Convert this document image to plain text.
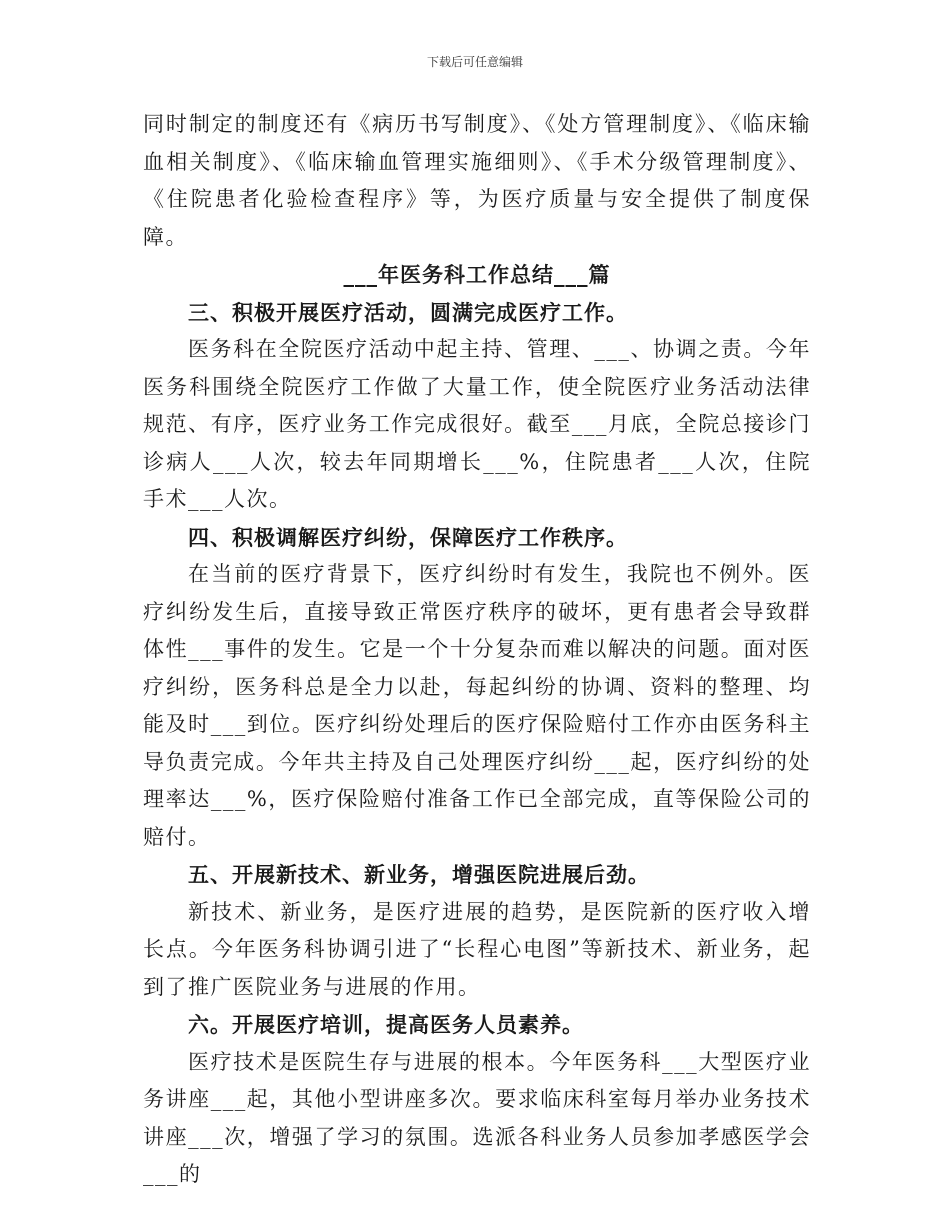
下载后可任意编辑

同时制定的制度还有《病历书写制度》、《处方管理制度》、《临床输血相关制度》、《临床输血管理实施细则》、《手术分级管理制度》、《住院患者化验检查程序》等，为医疗质量与安全提供了制度保障。

___年医务科工作总结___篇

三、积极开展医疗活动，圆满完成医疗工作。

医务科在全院医疗活动中起主持、管理、___、协调之责。今年医务科围绕全院医疗工作做了大量工作，使全院医疗业务活动法律规范、有序，医疗业务工作完成很好。截至___月底，全院总接诊门诊病人___人次，较去年同期增长___%，住院患者___人次，住院手术___人次。

四、积极调解医疗纠纷，保障医疗工作秩序。

在当前的医疗背景下，医疗纠纷时有发生，我院也不例外。医疗纠纷发生后，直接导致正常医疗秩序的破坏，更有患者会导致群体性___事件的发生。它是一个十分复杂而难以解决的问题。面对医疗纠纷，医务科总是全力以赴，每起纠纷的协调、资料的整理、均能及时___到位。医疗纠纷处理后的医疗保险赔付工作亦由医务科主导负责完成。今年共主持及自己处理医疗纠纷___起，医疗纠纷的处理率达___%，医疗保险赔付准备工作已全部完成，直等保险公司的赔付。

五、开展新技术、新业务，增强医院进展后劲。

新技术、新业务，是医疗进展的趋势，是医院新的医疗收入增长点。今年医务科协调引进了“长程心电图”等新技术、新业务，起到了推广医院业务与进展的作用。

六。开展医疗培训，提高医务人员素养。

医疗技术是医院生存与进展的根本。今年医务科___大型医疗业务讲座___起，其他小型讲座多次。要求临床科室每月举办业务技术讲座___次，增强了学习的氛围。选派各科业务人员参加孝感医学会___的
